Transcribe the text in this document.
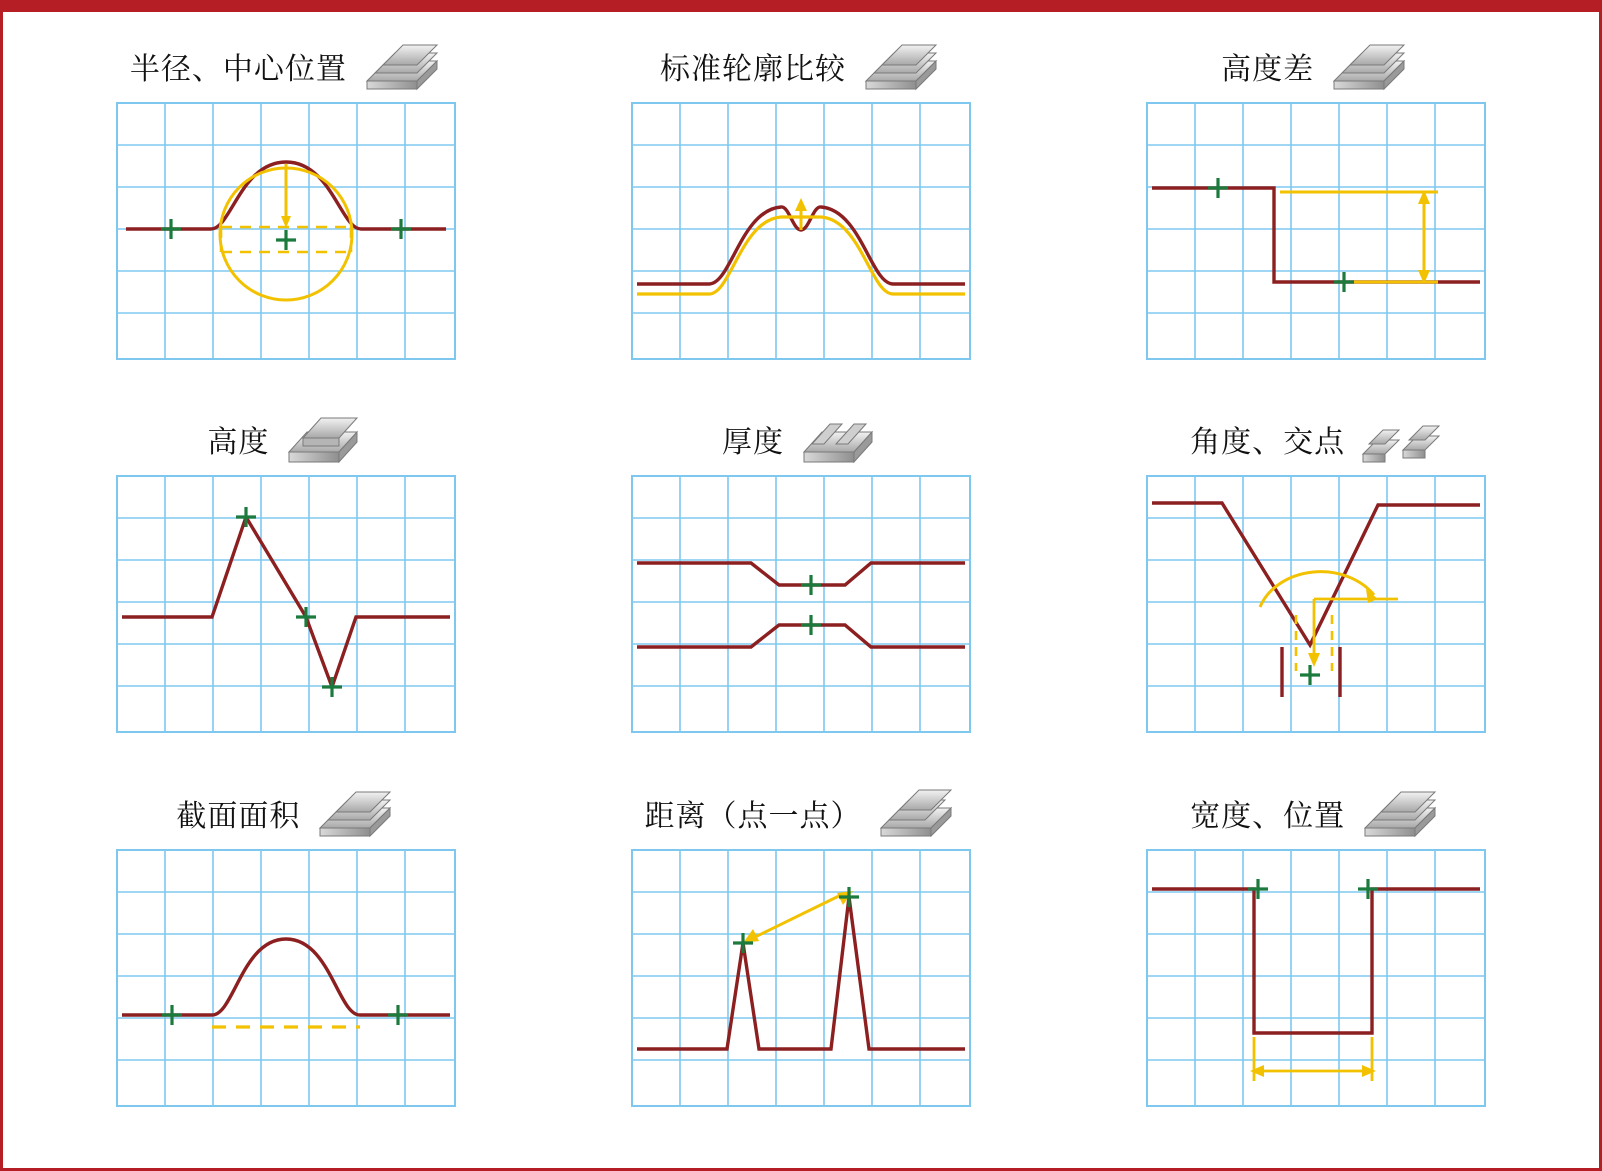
半径、中心位置	标准轮廓比较	高度差
高度	厚度	角度、交点
截面面积	距离（点一点）	宽度、位置
